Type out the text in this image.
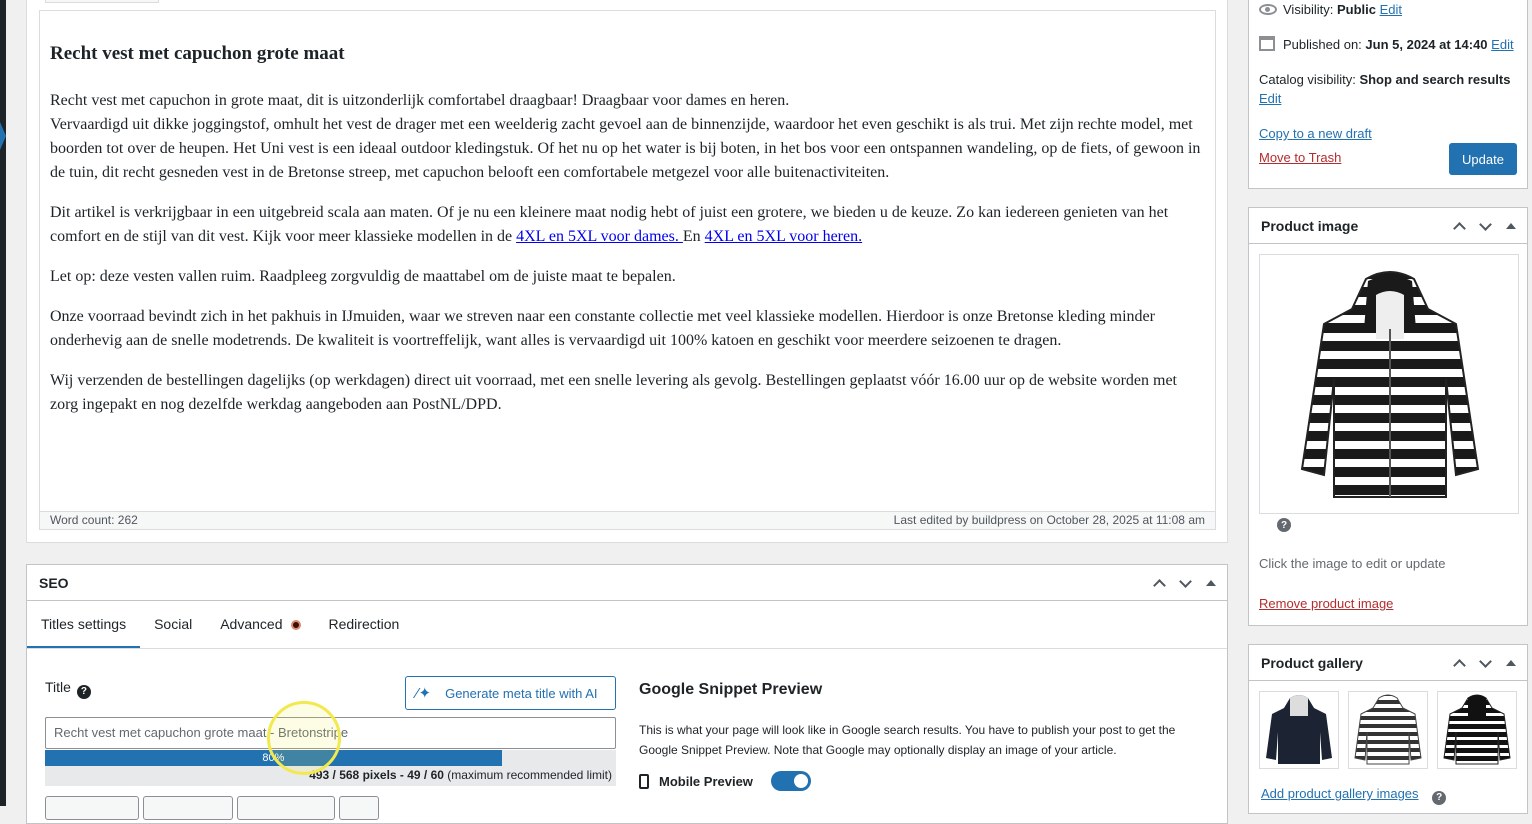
Recht vest met capuchon grote maat

Recht vest met capuchon in grote maat, dit is uitzonderlijk comfortabel draagbaar! Draagbaar voor dames en heren.
Vervaardigd uit dikke joggingstof, omhult het vest de drager met een weelderig zacht gevoel aan de binnenzijde, waardoor het even geschikt is als trui. Met zijn rechte model, met boorden tot over de heupen. Het Uni vest is een ideaal outdoor kledingstuk. Of het nu op het water is bij boten, in het bos voor een ontspannen wandeling, op de fiets, of gewoon in de tuin, dit recht gesneden vest in de Bretonse streep, met capuchon belooft een comfortabele metgezel voor alle buitenactiviteiten.

Dit artikel is verkrijgbaar in een uitgebreid scala aan maten. Of je nu een kleinere maat nodig hebt of juist een grotere, we bieden u de keuze. Zo kan iedereen genieten van het comfort en de stijl van dit vest. Kijk voor meer klassieke modellen in de 4XL en 5XL voor dames. En 4XL en 5XL voor heren.

Let op: deze vesten vallen ruim. Raadpleeg zorgvuldig de maattabel om de juiste maat te bepalen.

Onze voorraad bevindt zich in het pakhuis in IJmuiden, waar we streven naar een constante collectie met veel klassieke modellen. Hierdoor is onze Bretonse kleding minder onderhevig aan de snelle modetrends. De kwaliteit is voortreffelijk, want alles is vervaardigd uit 100% katoen en geschikt voor meerdere seizoenen te dragen.

Wij verzenden de bestellingen dagelijks (op werkdagen) direct uit voorraad, met een snelle levering als gevolg. Bestellingen geplaatst vóór 16.00 uur op de website worden met zorg ingepakt en nog dezelfde werkdag aangeboden aan PostNL/DPD.

Word count: 262	Last edited by buildpress on October 28, 2025 at 11:08 am
SEO
Titles settings	Social	Advanced	Redirection
Title ?	⁄✦ Generate meta title with AI
Recht vest met capuchon grote maat - Bretonstripe
80%
493 / 568 pixels - 49 / 60 (maximum recommended limit)
Google Snippet Preview
This is what your page will look like in Google search results. You have to publish your post to get the Google Snippet Preview. Note that Google may optionally display an image of your article.
Mobile Preview
Visibility: Public Edit
Published on: Jun 5, 2024 at 14:40 Edit
Catalog visibility: Shop and search results
Edit
Copy to a new draft
Move to Trash	Update
Product image
?
Click the image to edit or update
Remove product image
Product gallery
Add product gallery images ?
